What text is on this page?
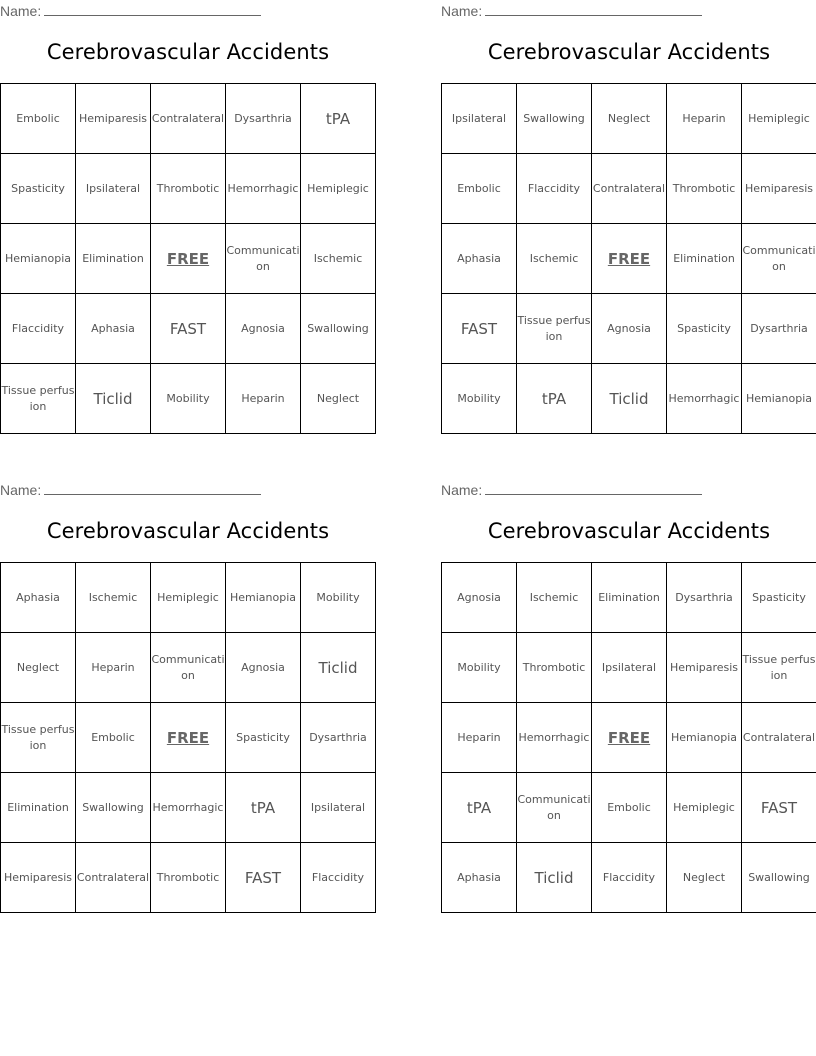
Name:
Cerebrovascular Accidents
Embolic	Hemiparesis	Contralateral	Dysarthria	tPA
Spasticity	Ipsilateral	Thrombotic	Hemorrhagic	Hemiplegic
Hemianopia	Elimination	FREE	Communication	Ischemic
Flaccidity	Aphasia	FAST	Agnosia	Swallowing
Tissue perfusion	Ticlid	Mobility	Heparin	Neglect
Name:
Cerebrovascular Accidents
Ipsilateral	Swallowing	Neglect	Heparin	Hemiplegic
Embolic	Flaccidity	Contralateral	Thrombotic	Hemiparesis
Aphasia	Ischemic	FREE	Elimination	Communication
FAST	Tissue perfusion	Agnosia	Spasticity	Dysarthria
Mobility	tPA	Ticlid	Hemorrhagic	Hemianopia
Name:
Cerebrovascular Accidents
Aphasia	Ischemic	Hemiplegic	Hemianopia	Mobility
Neglect	Heparin	Communication	Agnosia	Ticlid
Tissue perfusion	Embolic	FREE	Spasticity	Dysarthria
Elimination	Swallowing	Hemorrhagic	tPA	Ipsilateral
Hemiparesis	Contralateral	Thrombotic	FAST	Flaccidity
Name:
Cerebrovascular Accidents
Agnosia	Ischemic	Elimination	Dysarthria	Spasticity
Mobility	Thrombotic	Ipsilateral	Hemiparesis	Tissue perfusion
Heparin	Hemorrhagic	FREE	Hemianopia	Contralateral
tPA	Communication	Embolic	Hemiplegic	FAST
Aphasia	Ticlid	Flaccidity	Neglect	Swallowing
